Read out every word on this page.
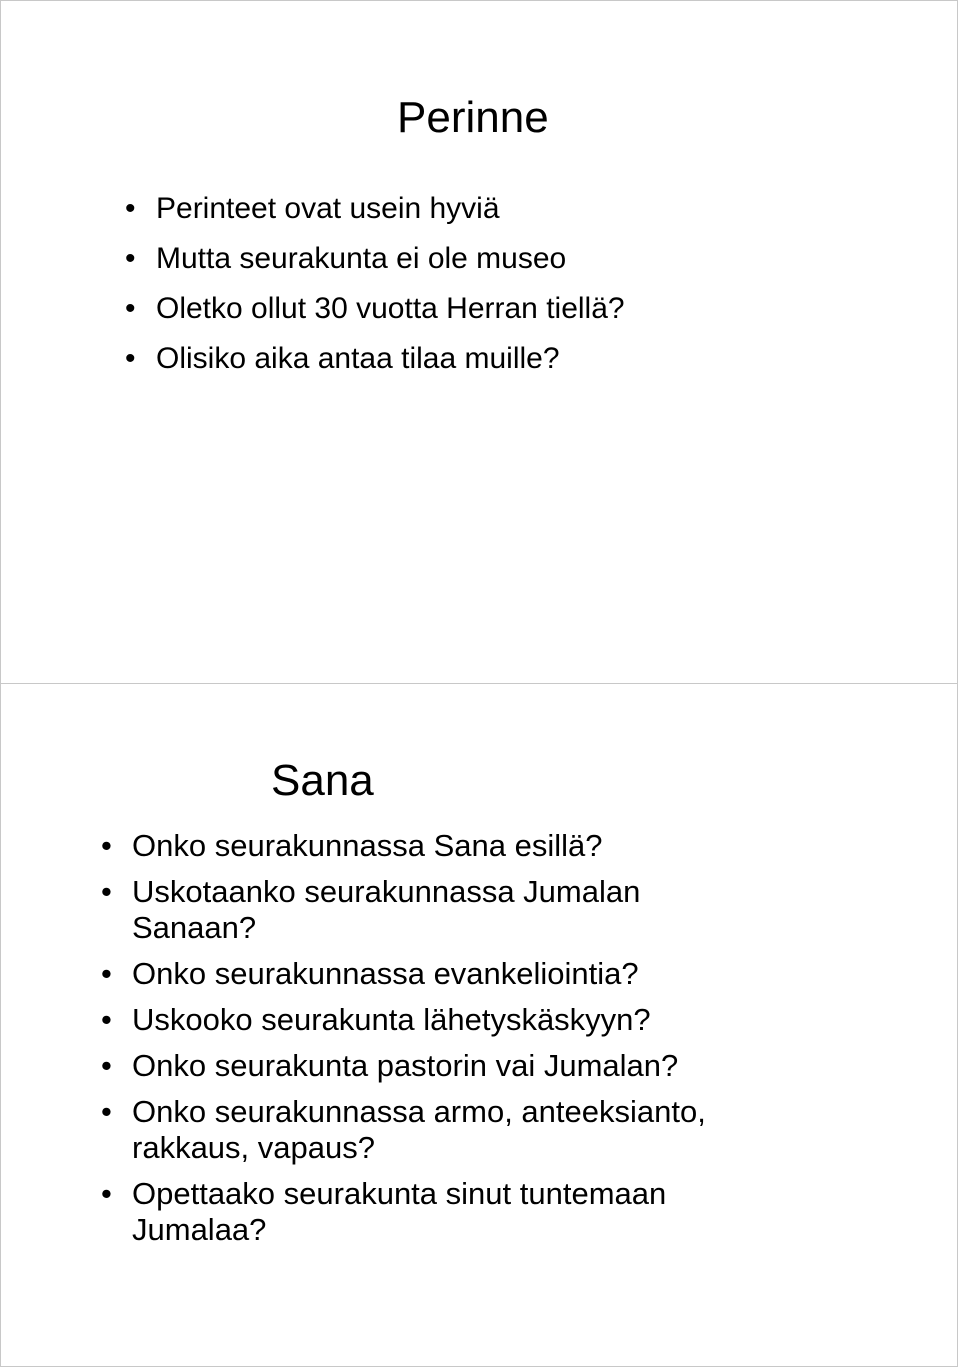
Perinne
• Perinteet ovat usein hyviä
• Mutta seurakunta ei ole museo
• Oletko ollut 30 vuotta Herran tiellä?
• Olisiko aika antaa tilaa muille?
Sana
• Onko seurakunnassa Sana esillä?
• Uskotaanko seurakunnassa Jumalan
Sanaan?
• Onko seurakunnassa evankeliointia?
• Uskooko seurakunta lähetyskäskyyn?
• Onko seurakunta pastorin vai Jumalan?
• Onko seurakunnassa armo, anteeksianto,
rakkaus, vapaus?
• Opettaako seurakunta sinut tuntemaan
Jumalaa?
